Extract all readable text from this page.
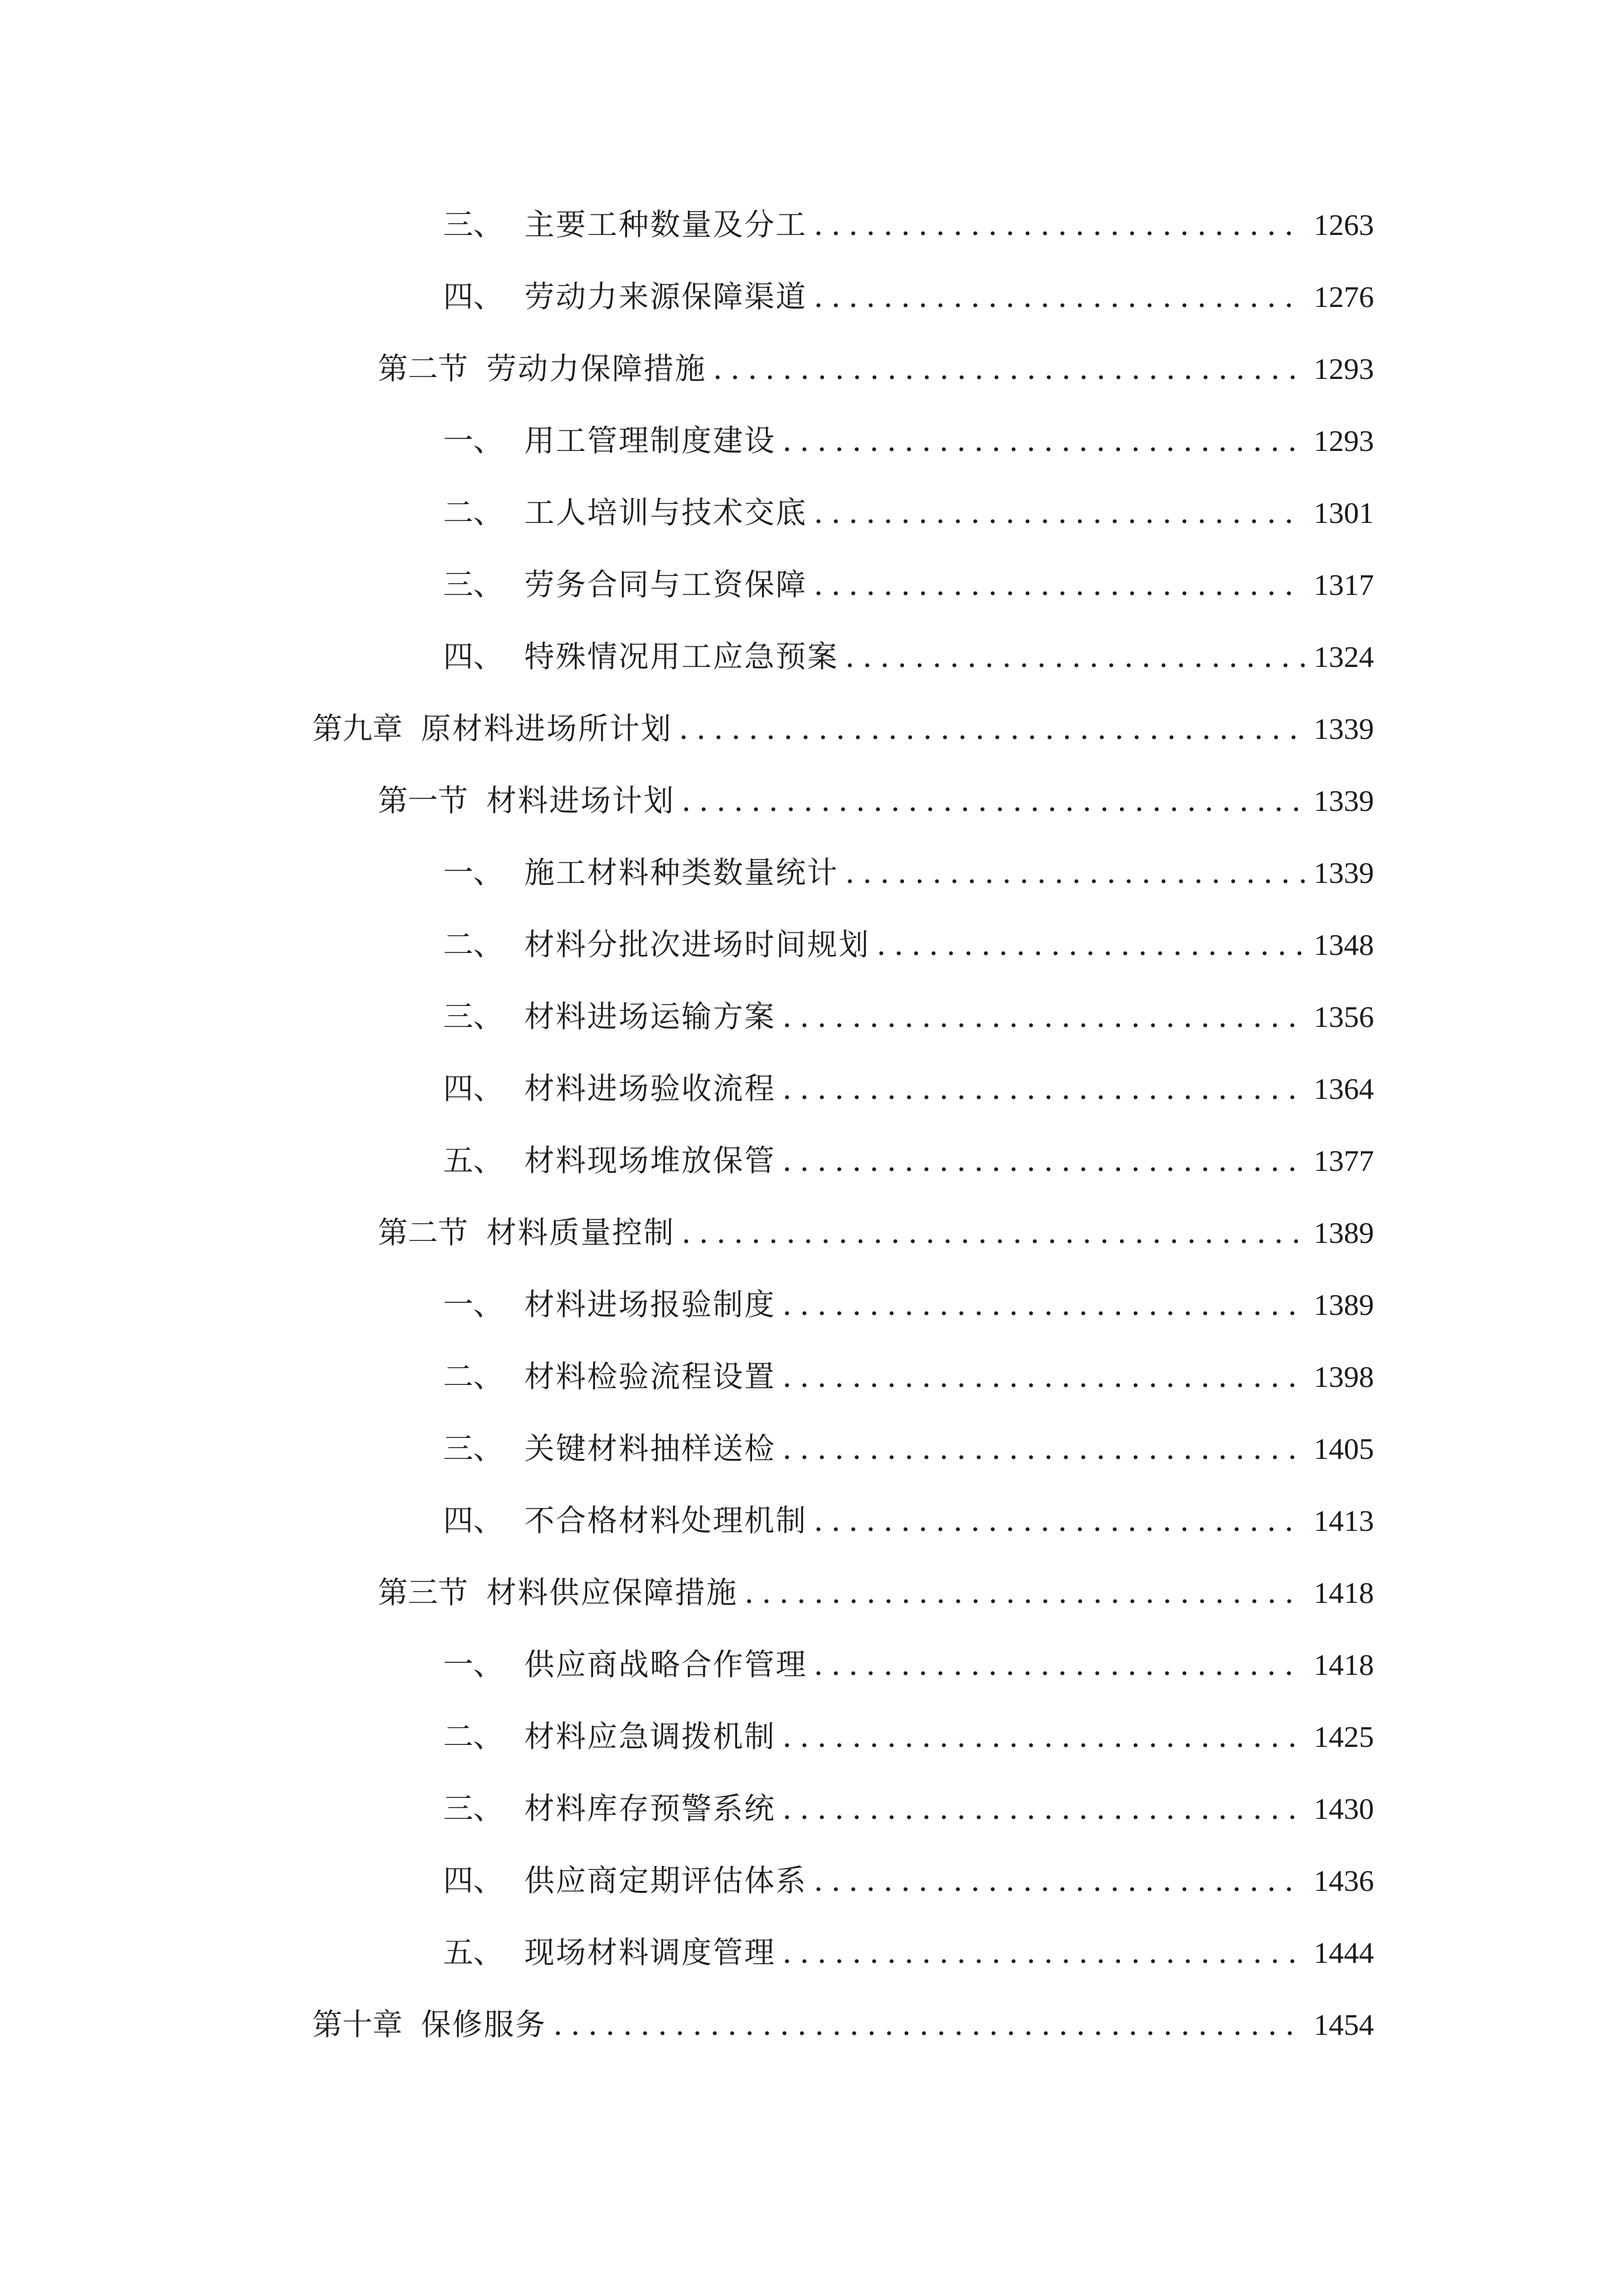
三、 主要工种数量及分工 .....	1263
四、 劳动力来源保障渠道 .....	1276
第二节 劳动力保障措施 .....	1293
一、 用工管理制度建设 .....	1293
二、 工人培训与技术交底 .....	1301
三、 劳务合同与工资保障 .....	1317
四、 特殊情况用工应急预案 .....	1324
第九章 原材料进场所计划 .....	1339
第一节 材料进场计划 .....	1339
一、 施工材料种类数量统计 .....	1339
二、 材料分批次进场时间规划 .....	1348
三、 材料进场运输方案 .....	1356
四、 材料进场验收流程 .....	1364
五、 材料现场堆放保管 .....	1377
第二节 材料质量控制 .....	1389
一、 材料进场报验制度 .....	1389
二、 材料检验流程设置 .....	1398
三、 关键材料抽样送检 .....	1405
四、 不合格材料处理机制 .....	1413
第三节 材料供应保障措施 .....	1418
一、 供应商战略合作管理 .....	1418
二、 材料应急调拨机制 .....	1425
三、 材料库存预警系统 .....	1430
四、 供应商定期评估体系 .....	1436
五、 现场材料调度管理 .....	1444
第十章 保修服务 .....	1454
